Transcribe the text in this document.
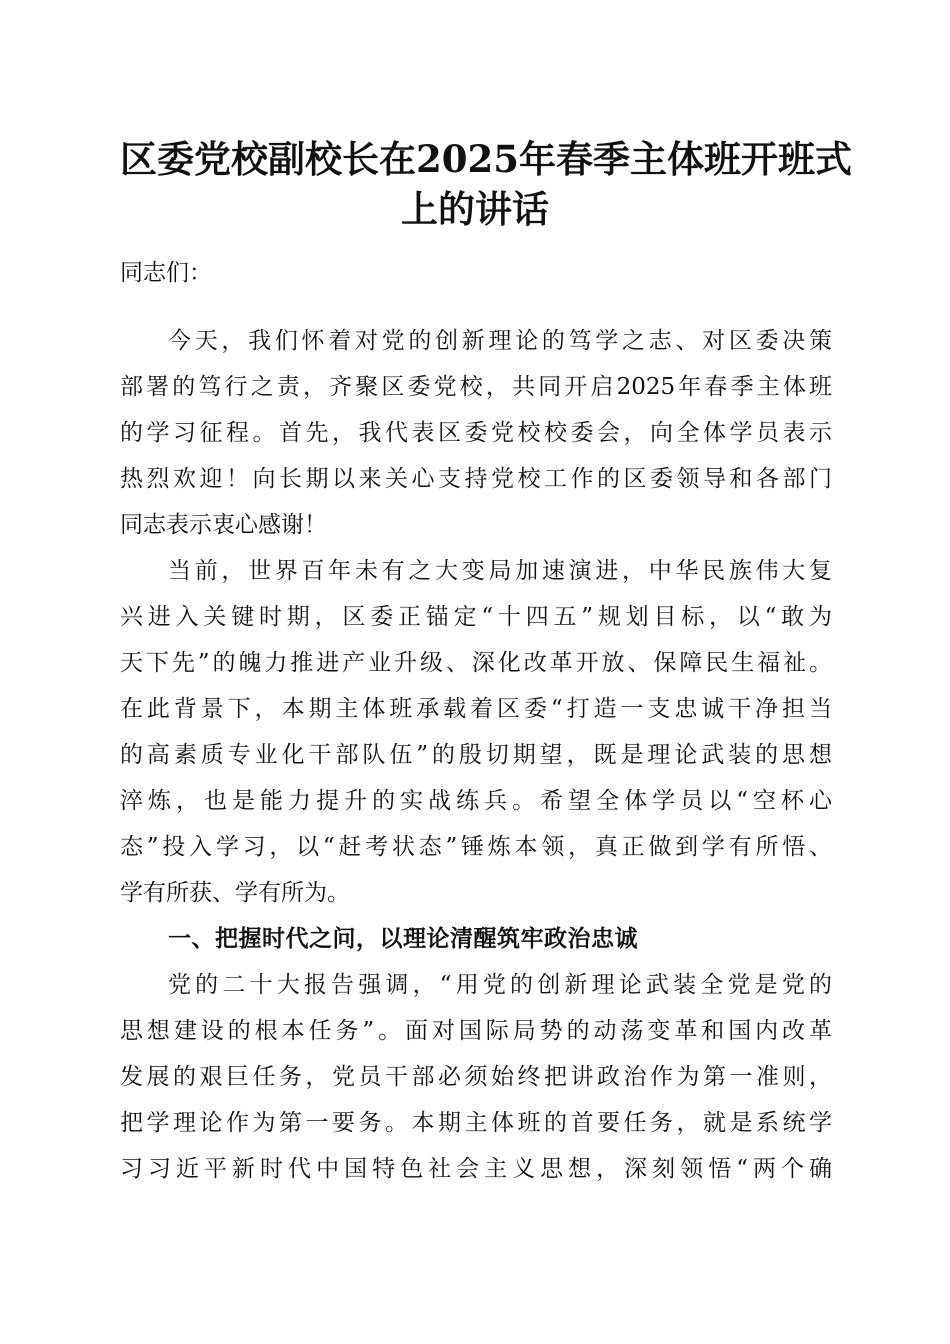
区委党校副校长在2025年春季主体班开班式
上的讲话

同志们：

今天，我们怀着对党的创新理论的笃学之志、对区委决策

部署的笃行之责，齐聚区委党校，共同开启2025年春季主体班

的学习征程。首先，我代表区委党校校委会，向全体学员表示

热烈欢迎！向长期以来关心支持党校工作的区委领导和各部门

同志表示衷心感谢！

当前，世界百年未有之大变局加速演进，中华民族伟大复

兴进入关键时期，区委正锚定“十四五”规划目标，以“敢为

天下先”的魄力推进产业升级、深化改革开放、保障民生福祉。

在此背景下，本期主体班承载着区委“打造一支忠诚干净担当

的高素质专业化干部队伍”的殷切期望，既是理论武装的思想

淬炼，也是能力提升的实战练兵。希望全体学员以“空杯心

态”投入学习，以“赶考状态”锤炼本领，真正做到学有所悟、

学有所获、学有所为。

一、把握时代之问，以理论清醒筑牢政治忠诚

党的二十大报告强调，“用党的创新理论武装全党是党的

思想建设的根本任务”。面对国际局势的动荡变革和国内改革

发展的艰巨任务，党员干部必须始终把讲政治作为第一准则，

把学理论作为第一要务。本期主体班的首要任务，就是系统学

习习近平新时代中国特色社会主义思想，深刻领悟“两个确
